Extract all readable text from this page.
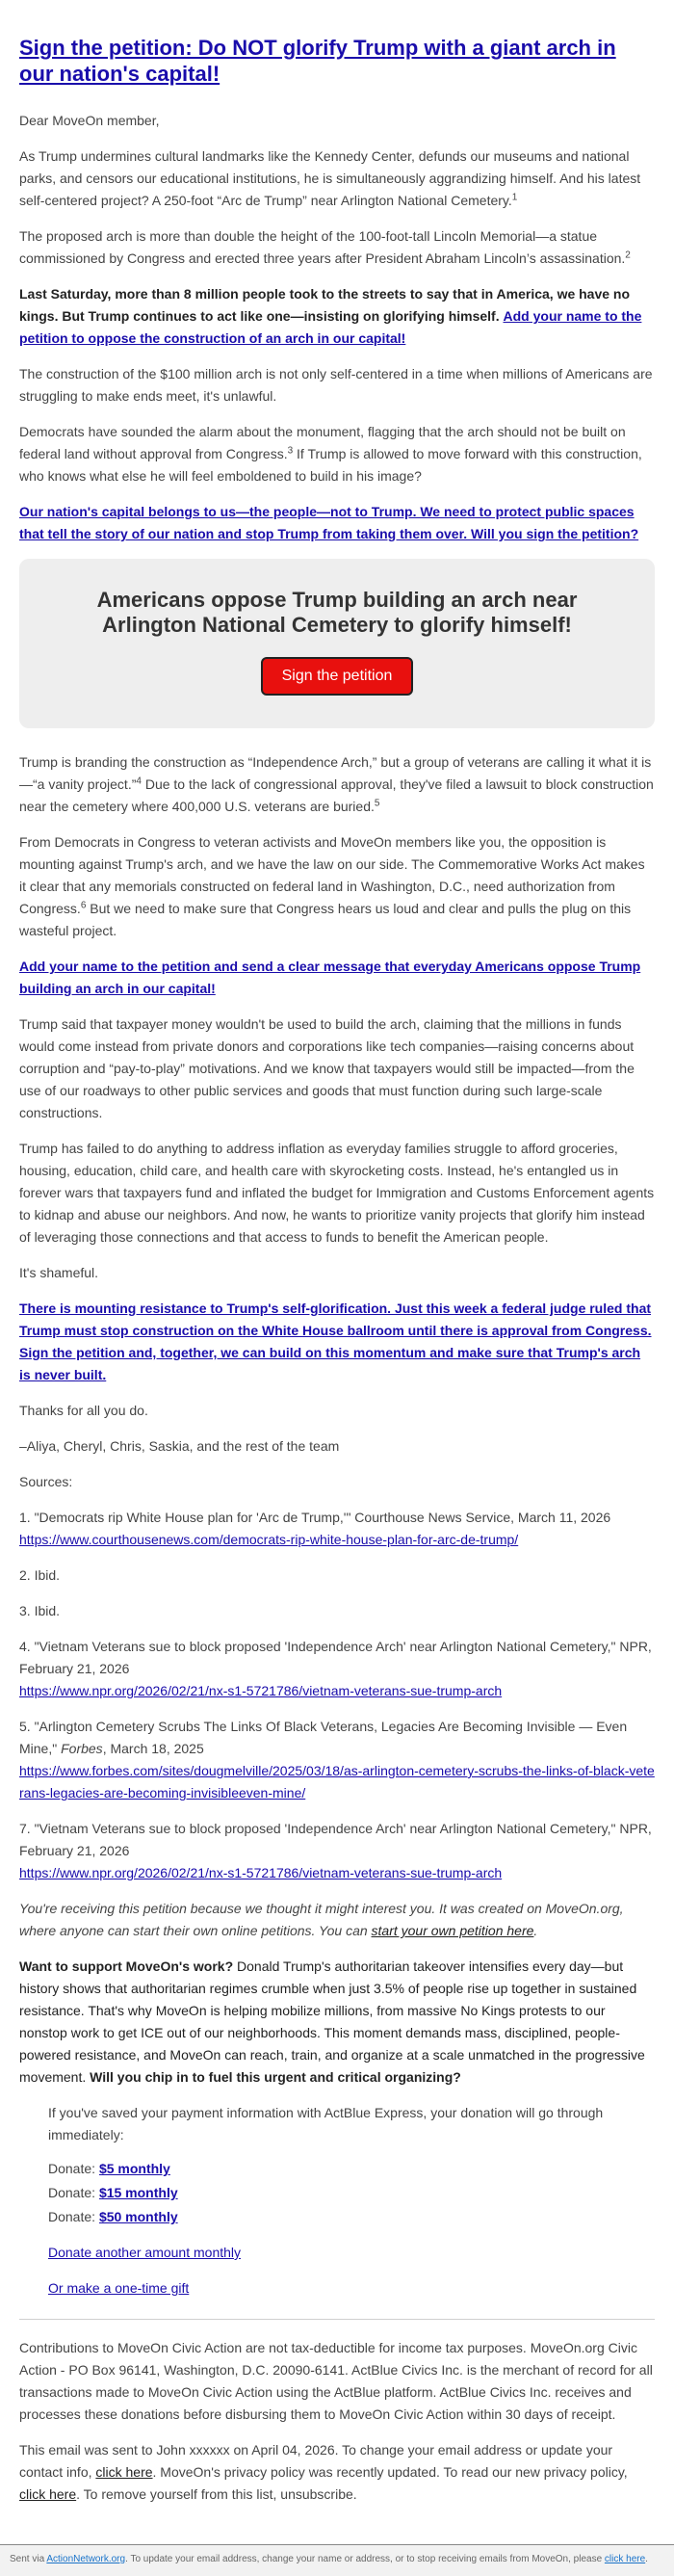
Sign the petition: Do NOT glorify Trump with a giant arch in our nation's capital!

Dear MoveOn member,

As Trump undermines cultural landmarks like the Kennedy Center, defunds our museums and national parks, and censors our educational institutions, he is simultaneously aggrandizing himself. And his latest self-centered project? A 250-foot “Arc de Trump” near Arlington National Cemetery.$^1$

The proposed arch is more than double the height of the 100-foot-tall Lincoln Memorial—a statue commissioned by Congress and erected three years after President Abraham Lincoln’s assassination.$^2$

Last Saturday, more than 8 million people took to the streets to say that in America, we have no kings. But Trump continues to act like one—insisting on glorifying himself. Add your name to the petition to oppose the construction of an arch in our capital!

The construction of the $100 million arch is not only self-centered in a time when millions of Americans are struggling to make ends meet, it's unlawful.

Democrats have sounded the alarm about the monument, flagging that the arch should not be built on federal land without approval from Congress.$^3$ If Trump is allowed to move forward with this construction, who knows what else he will feel emboldened to build in his image?

Our nation's capital belongs to us—the people—not to Trump. We need to protect public spaces that tell the story of our nation and stop Trump from taking them over. Will you sign the petition?

Americans oppose Trump building an arch near Arlington National Cemetery to glorify himself!
Sign the petition

Trump is branding the construction as “Independence Arch,” but a group of veterans are calling it what it is—“a vanity project.”$^4$ Due to the lack of congressional approval, they've filed a lawsuit to block construction near the cemetery where 400,000 U.S. veterans are buried.$^5$

From Democrats in Congress to veteran activists and MoveOn members like you, the opposition is mounting against Trump's arch, and we have the law on our side. The Commemorative Works Act makes it clear that any memorials constructed on federal land in Washington, D.C., need authorization from Congress.$^6$ But we need to make sure that Congress hears us loud and clear and pulls the plug on this wasteful project.

Add your name to the petition and send a clear message that everyday Americans oppose Trump building an arch in our capital!

Trump said that taxpayer money wouldn't be used to build the arch, claiming that the millions in funds would come instead from private donors and corporations like tech companies—raising concerns about corruption and “pay-to-play” motivations. And we know that taxpayers would still be impacted—from the use of our roadways to other public services and goods that must function during such large-scale constructions.

Trump has failed to do anything to address inflation as everyday families struggle to afford groceries, housing, education, child care, and health care with skyrocketing costs. Instead, he's entangled us in forever wars that taxpayers fund and inflated the budget for Immigration and Customs Enforcement agents to kidnap and abuse our neighbors. And now, he wants to prioritize vanity projects that glorify him instead of leveraging those connections and that access to funds to benefit the American people.

It's shameful.

There is mounting resistance to Trump's self-glorification. Just this week a federal judge ruled that Trump must stop construction on the White House ballroom until there is approval from Congress. Sign the petition and, together, we can build on this momentum and make sure that Trump's arch is never built.

Thanks for all you do.

–Aliya, Cheryl, Chris, Saskia, and the rest of the team

Sources:

1. "Democrats rip White House plan for 'Arc de Trump,'" Courthouse News Service, March 11, 2026
https://www.courthousenews.com/democrats-rip-white-house-plan-for-arc-de-trump/

2. Ibid.

3. Ibid.

4. "Vietnam Veterans sue to block proposed 'Independence Arch' near Arlington National Cemetery," NPR, February 21, 2026
https://www.npr.org/2026/02/21/nx-s1-5721786/vietnam-veterans-sue-trump-arch

5. "Arlington Cemetery Scrubs The Links Of Black Veterans, Legacies Are Becoming Invisible — Even Mine," Forbes, March 18, 2025
https://www.forbes.com/sites/dougmelville/2025/03/18/as-arlington-cemetery-scrubs-the-links-of-black-veterans-legacies-are-becoming-invisibleeven-mine/

7. "Vietnam Veterans sue to block proposed 'Independence Arch' near Arlington National Cemetery," NPR, February 21, 2026
https://www.npr.org/2026/02/21/nx-s1-5721786/vietnam-veterans-sue-trump-arch

You're receiving this petition because we thought it might interest you. It was created on MoveOn.org, where anyone can start their own online petitions. You can start your own petition here.

Want to support MoveOn's work? Donald Trump's authoritarian takeover intensifies every day—but history shows that authoritarian regimes crumble when just 3.5% of people rise up together in sustained resistance. That's why MoveOn is helping mobilize millions, from massive No Kings protests to our nonstop work to get ICE out of our neighborhoods. This moment demands mass, disciplined, people-powered resistance, and MoveOn can reach, train, and organize at a scale unmatched in the progressive movement. Will you chip in to fuel this urgent and critical organizing?

If you've saved your payment information with ActBlue Express, your donation will go through immediately:

Donate: $5 monthly

Donate: $15 monthly

Donate: $50 monthly

Donate another amount monthly

Or make a one-time gift

Contributions to MoveOn Civic Action are not tax-deductible for income tax purposes. MoveOn.org Civic Action - PO Box 96141, Washington, D.C. 20090-6141. ActBlue Civics Inc. is the merchant of record for all transactions made to MoveOn Civic Action using the ActBlue platform. ActBlue Civics Inc. receives and processes these donations before disbursing them to MoveOn Civic Action within 30 days of receipt.

This email was sent to John xxxxxx on April 04, 2026. To change your email address or update your contact info, click here. MoveOn's privacy policy was recently updated. To read our new privacy policy, click here. To remove yourself from this list, unsubscribe.

Sent via ActionNetwork.org. To update your email address, change your name or address, or to stop receiving emails from MoveOn, please click here.
